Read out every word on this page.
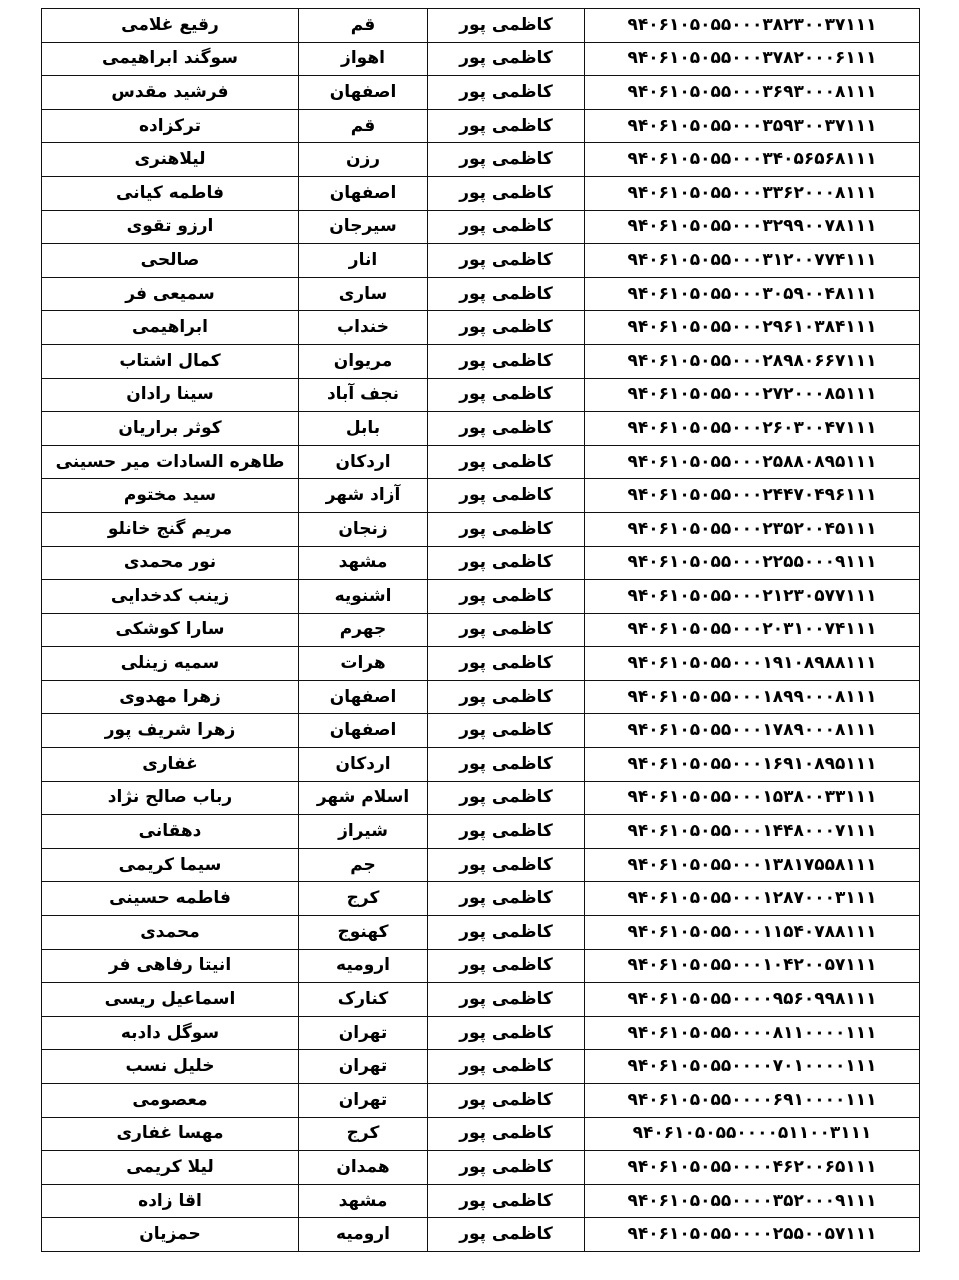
۹۴۰۶۱۰۵۰۵۵۰۰۰۳۸۲۳۰۰۳۷۱۱۱	کاظمی پور	قم	رقیع غلامی
۹۴۰۶۱۰۵۰۵۵۰۰۰۳۷۸۲۰۰۰۶۱۱۱	کاظمی پور	اهواز	سوگند ابراهیمی
۹۴۰۶۱۰۵۰۵۵۰۰۰۳۶۹۳۰۰۰۸۱۱۱	کاظمی پور	اصفهان	فرشید مقدس
۹۴۰۶۱۰۵۰۵۵۰۰۰۳۵۹۳۰۰۳۷۱۱۱	کاظمی پور	قم	ترکزاده
۹۴۰۶۱۰۵۰۵۵۰۰۰۳۴۰۵۶۵۶۸۱۱۱	کاظمی پور	رزن	لیلاهنری
۹۴۰۶۱۰۵۰۵۵۰۰۰۳۳۶۲۰۰۰۸۱۱۱	کاظمی پور	اصفهان	فاطمه کیانی
۹۴۰۶۱۰۵۰۵۵۰۰۰۳۲۹۹۰۰۷۸۱۱۱	کاظمی پور	سیرجان	ارزو تقوی
۹۴۰۶۱۰۵۰۵۵۰۰۰۳۱۲۰۰۷۷۴۱۱۱	کاظمی پور	انار	صالحی
۹۴۰۶۱۰۵۰۵۵۰۰۰۳۰۵۹۰۰۴۸۱۱۱	کاظمی پور	ساری	سمیعی فر
۹۴۰۶۱۰۵۰۵۵۰۰۰۲۹۶۱۰۳۸۴۱۱۱	کاظمی پور	خنداب	ابراهیمی
۹۴۰۶۱۰۵۰۵۵۰۰۰۲۸۹۸۰۶۶۷۱۱۱	کاظمی پور	مریوان	کمال اشتاب
۹۴۰۶۱۰۵۰۵۵۰۰۰۲۷۲۰۰۰۸۵۱۱۱	کاظمی پور	نجف آباد	سینا رادان
۹۴۰۶۱۰۵۰۵۵۰۰۰۲۶۰۳۰۰۴۷۱۱۱	کاظمی پور	بابل	کوثر براریان
۹۴۰۶۱۰۵۰۵۵۰۰۰۲۵۸۸۰۸۹۵۱۱۱	کاظمی پور	اردکان	طاهره السادات میر حسینی
۹۴۰۶۱۰۵۰۵۵۰۰۰۲۴۴۷۰۴۹۶۱۱۱	کاظمی پور	آزاد شهر	سید مختوم
۹۴۰۶۱۰۵۰۵۵۰۰۰۲۳۵۲۰۰۴۵۱۱۱	کاظمی پور	زنجان	مریم گنج خانلو
۹۴۰۶۱۰۵۰۵۵۰۰۰۲۲۵۵۰۰۰۹۱۱۱	کاظمی پور	مشهد	نور محمدی
۹۴۰۶۱۰۵۰۵۵۰۰۰۲۱۲۳۰۵۷۷۱۱۱	کاظمی پور	اشنویه	زینب کدخدایی
۹۴۰۶۱۰۵۰۵۵۰۰۰۲۰۳۱۰۰۷۴۱۱۱	کاظمی پور	جهرم	سارا کوشکی
۹۴۰۶۱۰۵۰۵۵۰۰۰۱۹۱۰۸۹۸۸۱۱۱	کاظمی پور	هرات	سمیه زینلی
۹۴۰۶۱۰۵۰۵۵۰۰۰۱۸۹۹۰۰۰۸۱۱۱	کاظمی پور	اصفهان	زهرا مهدوی
۹۴۰۶۱۰۵۰۵۵۰۰۰۱۷۸۹۰۰۰۸۱۱۱	کاظمی پور	اصفهان	زهرا شریف پور
۹۴۰۶۱۰۵۰۵۵۰۰۰۱۶۹۱۰۸۹۵۱۱۱	کاظمی پور	اردکان	غفاری
۹۴۰۶۱۰۵۰۵۵۰۰۰۱۵۳۸۰۰۳۳۱۱۱	کاظمی پور	اسلام شهر	رباب صالح نژاد
۹۴۰۶۱۰۵۰۵۵۰۰۰۱۴۴۸۰۰۰۷۱۱۱	کاظمی پور	شیراز	دهقانی
۹۴۰۶۱۰۵۰۵۵۰۰۰۱۳۸۱۷۵۵۸۱۱۱	کاظمی پور	جم	سیما کریمی
۹۴۰۶۱۰۵۰۵۵۰۰۰۱۲۸۷۰۰۰۳۱۱۱	کاظمی پور	کرج	فاطمه حسینی
۹۴۰۶۱۰۵۰۵۵۰۰۰۱۱۵۴۰۷۸۸۱۱۱	کاظمی پور	کهنوج	محمدی
۹۴۰۶۱۰۵۰۵۵۰۰۰۱۰۴۲۰۰۵۷۱۱۱	کاظمی پور	ارومیه	انیتا رفاهی فر
۹۴۰۶۱۰۵۰۵۵۰۰۰۰۹۵۶۰۹۹۸۱۱۱	کاظمی پور	کنارک	اسماعیل ریسی
۹۴۰۶۱۰۵۰۵۵۰۰۰۰۸۱۱۰۰۰۰۱۱۱	کاظمی پور	تهران	سوگل دادبه
۹۴۰۶۱۰۵۰۵۵۰۰۰۰۷۰۱۰۰۰۰۱۱۱	کاظمی پور	تهران	خلیل نسب
۹۴۰۶۱۰۵۰۵۵۰۰۰۰۶۹۱۰۰۰۰۱۱۱	کاظمی پور	تهران	معصومی
۹۴۰۶۱۰۵۰۵۵۰۰۰۰۵۱۱۰۰۳۱۱۱	کاظمی پور	کرج	مهسا غفاری
۹۴۰۶۱۰۵۰۵۵۰۰۰۰۴۶۲۰۰۶۵۱۱۱	کاظمی پور	همدان	لیلا کریمی
۹۴۰۶۱۰۵۰۵۵۰۰۰۰۳۵۲۰۰۰۹۱۱۱	کاظمی پور	مشهد	اقا زاده
۹۴۰۶۱۰۵۰۵۵۰۰۰۰۲۵۵۰۰۵۷۱۱۱	کاظمی پور	ارومیه	حمزیان
